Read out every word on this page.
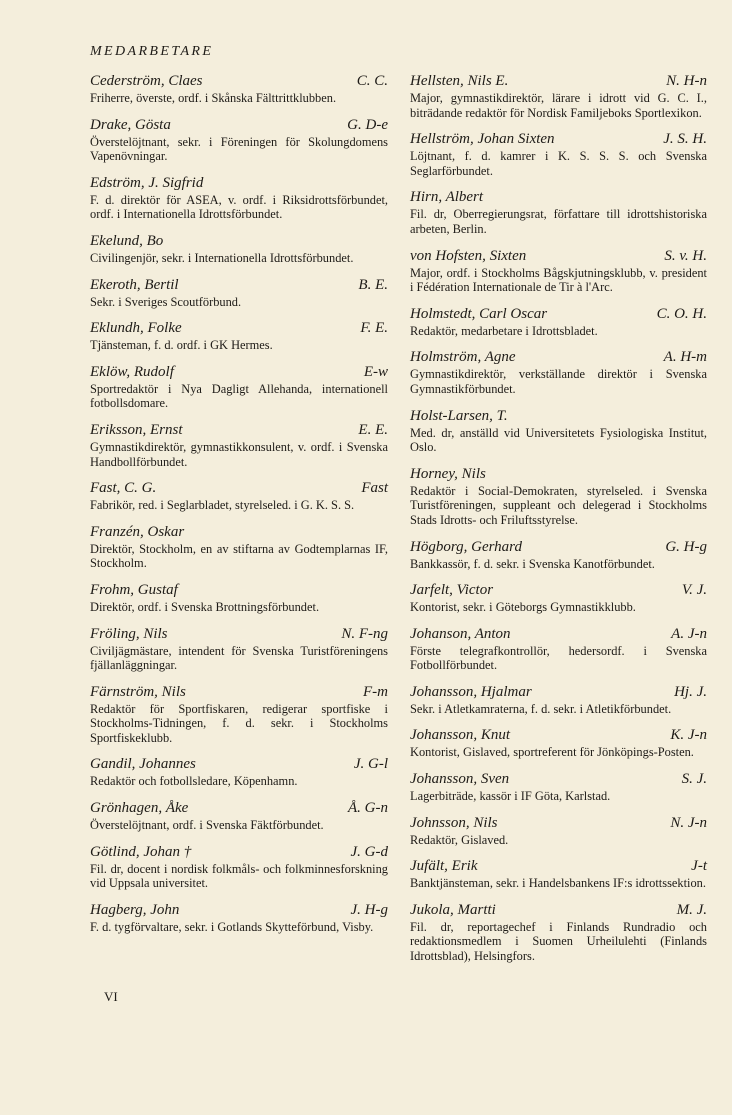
MEDARBETARE
Cederström, Claes	C. C.
Friherre, överste, ordf. i Skånska Fälttrittklubben.
Drake, Gösta	G. D-e
Överstelöjtnant, sekr. i Föreningen för Skolungdomens Vapenövningar.
Edström, J. Sigfrid
F. d. direktör för ASEA, v. ordf. i Riksidrottsförbundet, ordf. i Internationella Idrottsförbundet.
Ekelund, Bo
Civilingenjör, sekr. i Internationella Idrottsförbundet.
Ekeroth, Bertil	B. E.
Sekr. i Sveriges Scoutförbund.
Eklundh, Folke	F. E.
Tjänsteman, f. d. ordf. i GK Hermes.
Eklöw, Rudolf	E-w
Sportredaktör i Nya Dagligt Allehanda, internationell fotbollsdomare.
Eriksson, Ernst	E. E.
Gymnastikdirektör, gymnastikkonsulent, v. ordf. i Svenska Handbollförbundet.
Fast, C. G.	Fast
Fabrikör, red. i Seglarbladet, styrelseled. i G. K. S. S.
Franzén, Oskar
Direktör, Stockholm, en av stiftarna av Godtemplarnas IF, Stockholm.
Frohm, Gustaf
Direktör, ordf. i Svenska Brottningsförbundet.
Fröling, Nils	N. F-ng
Civiljägmästare, intendent för Svenska Turistföreningens fjällanläggningar.
Färnström, Nils	F-m
Redaktör för Sportfiskaren, redigerar sportfiske i Stockholms-Tidningen, f. d. sekr. i Stockholms Sportfiskeklubb.
Gandil, Johannes	J. G-l
Redaktör och fotbollsledare, Köpenhamn.
Grönhagen, Åke	Å. G-n
Överstelöjtnant, ordf. i Svenska Fäktförbundet.
Götlind, Johan †	J. G-d
Fil. dr, docent i nordisk folkmåls- och folkminnesforskning vid Uppsala universitet.
Hagberg, John	J. H-g
F. d. tygförvaltare, sekr. i Gotlands Skytteförbund, Visby.
Hellsten, Nils E.	N. H-n
Major, gymnastikdirektör, lärare i idrott vid G. C. I., biträdande redaktör för Nordisk Familjeboks Sportlexikon.
Hellström, Johan Sixten	J. S. H.
Löjtnant, f. d. kamrer i K. S. S. S. och Svenska Seglarförbundet.
Hirn, Albert
Fil. dr, Oberregierungsrat, författare till idrottshistoriska arbeten, Berlin.
von Hofsten, Sixten	S. v. H.
Major, ordf. i Stockholms Bågskjutningsklubb, v. president i Fédération Internationale de Tir à l'Arc.
Holmstedt, Carl Oscar	C. O. H.
Redaktör, medarbetare i Idrottsbladet.
Holmström, Agne	A. H-m
Gymnastikdirektör, verkställande direktör i Svenska Gymnastikförbundet.
Holst-Larsen, T.
Med. dr, anställd vid Universitetets Fysiologiska Institut, Oslo.
Horney, Nils
Redaktör i Social-Demokraten, styrelseled. i Svenska Turistföreningen, suppleant och delegerad i Stockholms Stads Idrotts- och Friluftsstyrelse.
Högborg, Gerhard	G. H-g
Bankkassör, f. d. sekr. i Svenska Kanotförbundet.
Jarfelt, Victor	V. J.
Kontorist, sekr. i Göteborgs Gymnastikklubb.
Johanson, Anton	A. J-n
Förste telegrafkontrollör, hedersordf. i Svenska Fotbollförbundet.
Johansson, Hjalmar	Hj. J.
Sekr. i Atletkamraterna, f. d. sekr. i Atletikförbundet.
Johansson, Knut	K. J-n
Kontorist, Gislaved, sportreferent för Jönköpings-Posten.
Johansson, Sven	S. J.
Lagerbiträde, kassör i IF Göta, Karlstad.
Johnsson, Nils	N. J-n
Redaktör, Gislaved.
Jufält, Erik	J-t
Banktjänsteman, sekr. i Handelsbankens IF:s idrottssektion.
Jukola, Martti	M. J.
Fil. dr, reportagechef i Finlands Rundradio och redaktionsmedlem i Suomen Urheilulehti (Finlands Idrottsblad), Helsingfors.
VI
